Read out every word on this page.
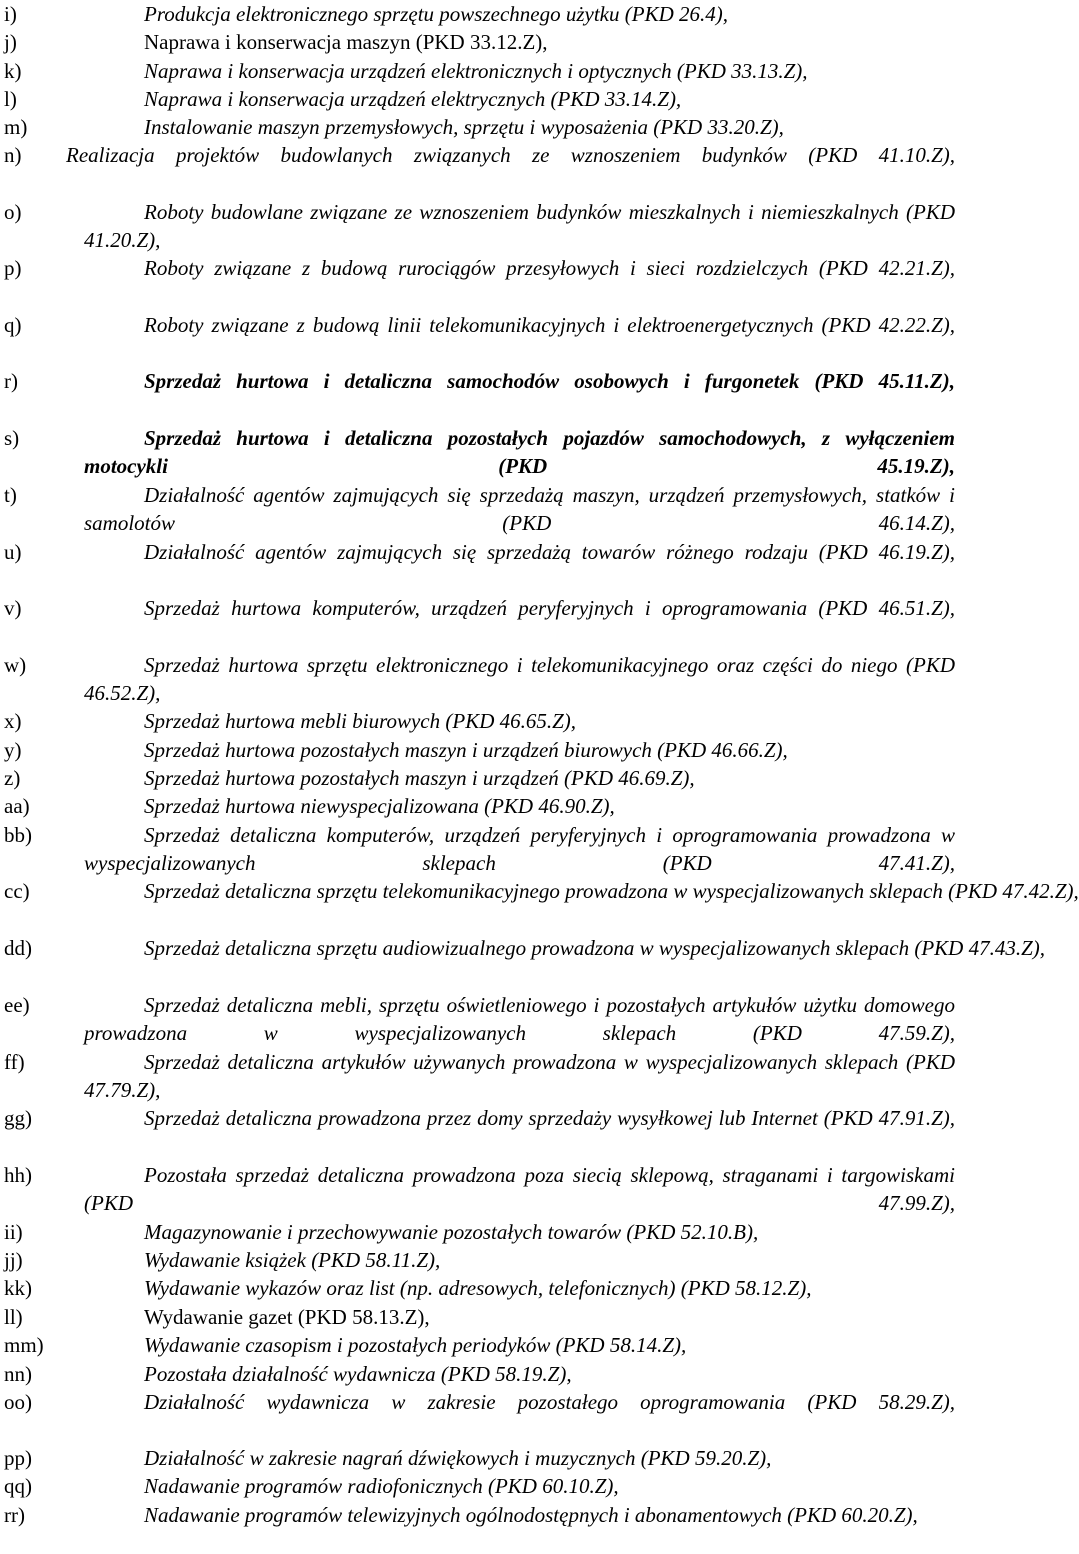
i)	Produkcja elektronicznego sprzętu powszechnego użytku (PKD 26.4),
j)	Naprawa i konserwacja maszyn (PKD 33.12.Z),
k)	Naprawa i konserwacja urządzeń elektronicznych i optycznych (PKD 33.13.Z),
l)	Naprawa i konserwacja urządzeń elektrycznych (PKD 33.14.Z),
m)	Instalowanie maszyn przemysłowych, sprzętu i wyposażenia (PKD 33.20.Z),
n) Realizacja projektów budowlanych związanych ze wznoszeniem budynków (PKD 41.10.Z),
o)	Roboty budowlane związane ze wznoszeniem budynków mieszkalnych i niemieszkalnych (PKD 41.20.Z),
p)	Roboty związane z budową rurociągów przesyłowych i sieci rozdzielczych (PKD 42.21.Z),
q)	Roboty związane z budową linii telekomunikacyjnych i elektroenergetycznych (PKD 42.22.Z),
r)	Sprzedaż hurtowa i detaliczna samochodów osobowych i furgonetek (PKD 45.11.Z),
s)	Sprzedaż hurtowa i detaliczna pozostałych pojazdów samochodowych, z wyłączeniem motocykli (PKD 45.19.Z),
t)	Działalność agentów zajmujących się sprzedażą maszyn, urządzeń przemysłowych, statków i samolotów (PKD 46.14.Z),
u)	Działalność agentów zajmujących się sprzedażą towarów różnego rodzaju (PKD 46.19.Z),
v)	Sprzedaż hurtowa komputerów, urządzeń peryferyjnych i oprogramowania (PKD 46.51.Z),
w)	Sprzedaż hurtowa sprzętu elektronicznego i telekomunikacyjnego oraz części do niego (PKD 46.52.Z),
x)	Sprzedaż hurtowa mebli biurowych (PKD 46.65.Z),
y)	Sprzedaż hurtowa pozostałych maszyn i urządzeń biurowych (PKD 46.66.Z),
z)	Sprzedaż hurtowa pozostałych maszyn i urządzeń (PKD 46.69.Z),
aa)	Sprzedaż hurtowa niewyspecjalizowana (PKD 46.90.Z),
bb)	Sprzedaż detaliczna komputerów, urządzeń peryferyjnych i oprogramowania prowadzona w wyspecjalizowanych sklepach (PKD 47.41.Z),
cc)	Sprzedaż detaliczna sprzętu telekomunikacyjnego prowadzona w wyspecjalizowanych sklepach (PKD 47.42.Z),
dd)	Sprzedaż detaliczna sprzętu audiowizualnego prowadzona w wyspecjalizowanych sklepach (PKD 47.43.Z),
ee)	Sprzedaż detaliczna mebli, sprzętu oświetleniowego i pozostałych artykułów użytku domowego prowadzona w wyspecjalizowanych sklepach (PKD 47.59.Z),
ff)	Sprzedaż detaliczna artykułów używanych prowadzona w wyspecjalizowanych sklepach (PKD 47.79.Z),
gg)	Sprzedaż detaliczna prowadzona przez domy sprzedaży wysyłkowej lub Internet (PKD 47.91.Z),
hh)	Pozostała sprzedaż detaliczna prowadzona poza siecią sklepową, straganami i targowiskami (PKD 47.99.Z),
ii)	Magazynowanie i przechowywanie pozostałych towarów (PKD 52.10.B),
jj)	Wydawanie książek (PKD 58.11.Z),
kk)	Wydawanie wykazów oraz list (np. adresowych, telefonicznych) (PKD 58.12.Z),
ll)	Wydawanie gazet (PKD 58.13.Z),
mm)	Wydawanie czasopism i pozostałych periodyków (PKD 58.14.Z),
nn)	Pozostała działalność wydawnicza (PKD 58.19.Z),
oo)	Działalność wydawnicza w zakresie pozostałego oprogramowania (PKD 58.29.Z),
pp)	Działalność w zakresie nagrań dźwiękowych i muzycznych (PKD 59.20.Z),
qq)	Nadawanie programów radiofonicznych (PKD 60.10.Z),
rr)	Nadawanie programów telewizyjnych ogólnodostępnych i abonamentowych (PKD 60.20.Z),
